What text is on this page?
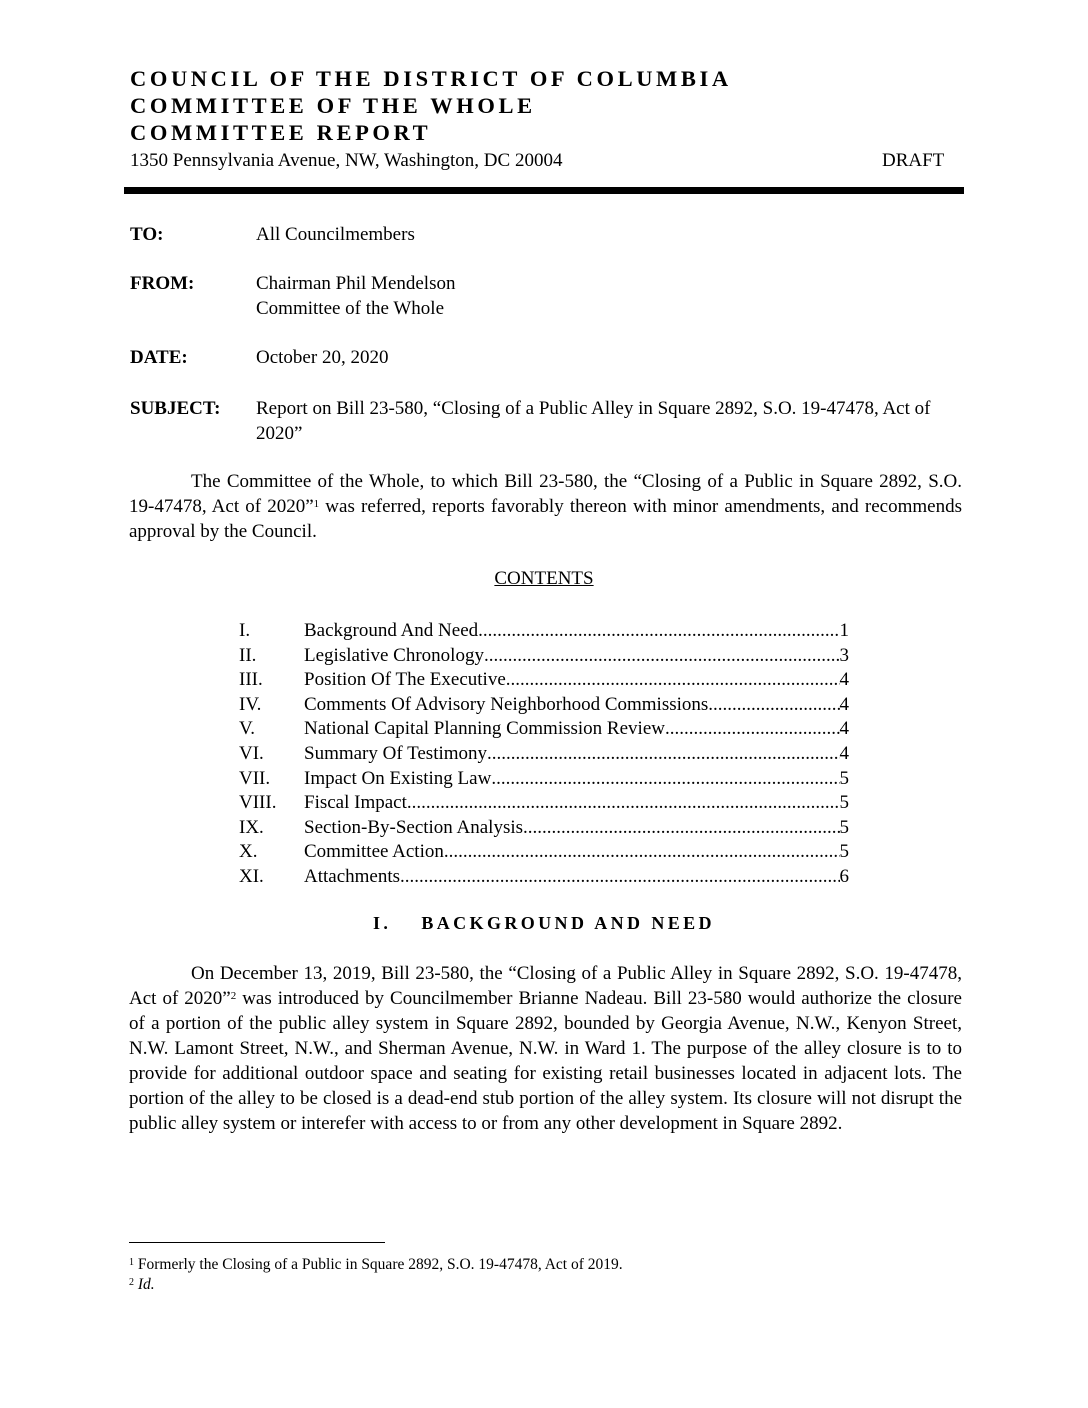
COUNCIL OF THE DISTRICT OF COLUMBIA
COMMITTEE OF THE WHOLE
COMMITTEE REPORT
1350 Pennsylvania Avenue, NW, Washington, DC 20004	DRAFT
TO:	All Councilmembers
FROM:	Chairman Phil Mendelson
Committee of the Whole
DATE:	October 20, 2020
SUBJECT: Report on Bill 23-580, “Closing of a Public Alley in Square 2892, S.O. 19-47478, Act of 2020”
The Committee of the Whole, to which Bill 23-580, the “Closing of a Public in Square 2892, S.O. 19-47478, Act of 2020”$^1$ was referred, reports favorably thereon with minor amendments, and recommends approval by the Council.
CONTENTS
I.	Background And Need .....	1
II.	Legislative Chronology .....	3
III.	Position Of The Executive .....	4
IV.	Comments Of Advisory Neighborhood Commissions .....	4
V.	National Capital Planning Commission Review .....	4
VI.	Summary Of Testimony .....	4
VII.	Impact On Existing Law .....	5
VIII.	Fiscal Impact .....	5
IX.	Section-By-Section Analysis .....	5
X.	Committee Action .....	5
XI.	Attachments .....	6
I. BACKGROUND AND NEED
On December 13, 2019, Bill 23-580, the “Closing of a Public Alley in Square 2892, S.O. 19-47478, Act of 2020”$^2$ was introduced by Councilmember Brianne Nadeau. Bill 23-580 would authorize the closure of a portion of the public alley system in Square 2892, bounded by Georgia Avenue, N.W., Kenyon Street, N.W. Lamont Street, N.W., and Sherman Avenue, N.W. in Ward 1. The purpose of the alley closure is to to provide for additional outdoor space and seating for existing retail businesses located in adjacent lots. The portion of the alley to be closed is a dead-end stub portion of the alley system. Its closure will not disrupt the public alley system or interefer with access to or from any other development in Square 2892.
$^1$ Formerly the Closing of a Public in Square 2892, S.O. 19-47478, Act of 2019.
$^2$ Id.
